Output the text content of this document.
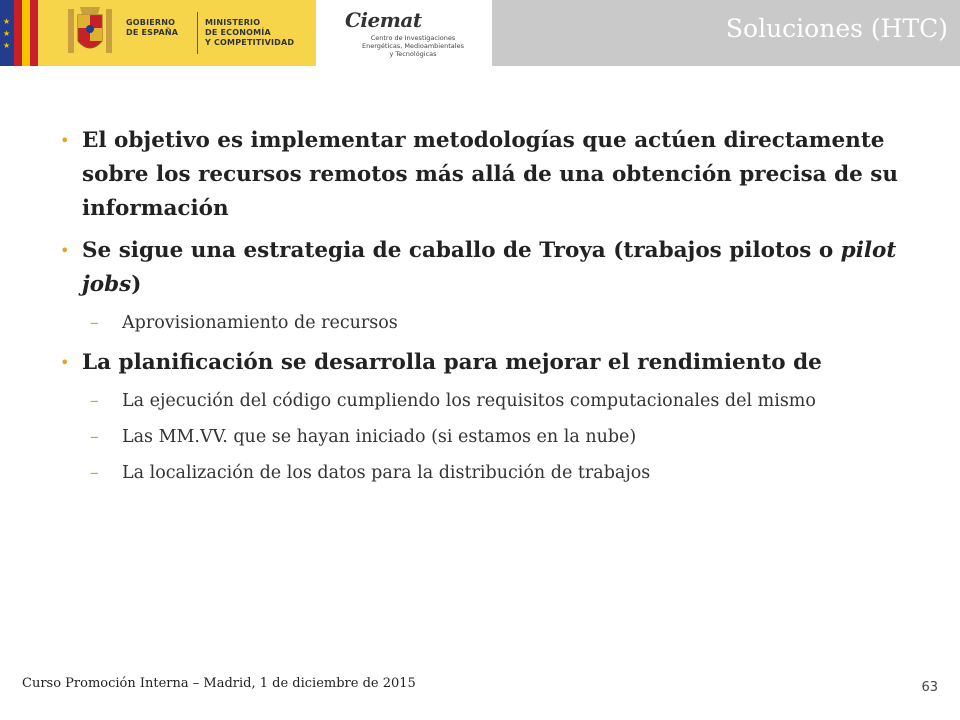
★
★
★
GOBIERNO
DE ESPAÑA
MINISTERIO
DE ECONOMÍA
Y COMPETITIVIDAD
Ciemat
Centro de Investigaciones
Energéticas, Medioambientales
y Tecnológicas
Soluciones (HTC)
• El objetivo es implementar metodologías que actúen directamente sobre los recursos remotos más allá de una obtención precisa de su información
• Se sigue una estrategia de caballo de Troya (trabajos pilotos o pilot jobs)
– Aprovisionamiento de recursos
• La planificación se desarrolla para mejorar el rendimiento de
– La ejecución del código cumpliendo los requisitos computacionales del mismo
– Las MM.VV. que se hayan iniciado (si estamos en la nube)
– La localización de los datos para la distribución de trabajos
Curso Promoción Interna – Madrid, 1 de diciembre de 2015	63
